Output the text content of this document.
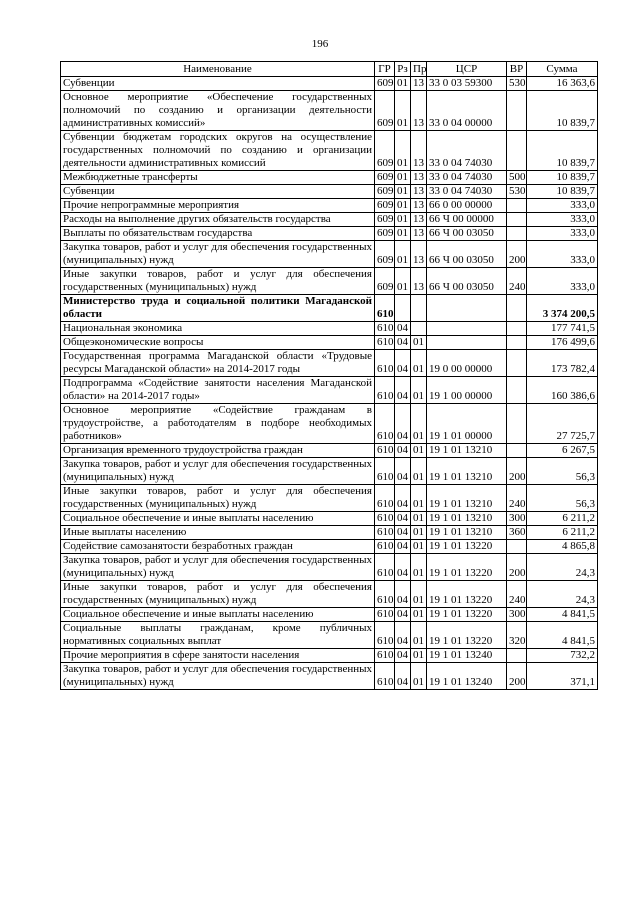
196
Наименование	ГР	Рз	Пр	ЦСР	ВР	Сумма
Субвенции	609	01	13	33 0 03 59300	530	16 363,6
Основное мероприятие «Обеспечение государственных полномочий по созданию и организации деятельности административных комиссий»	609	01	13	33 0 04 00000		10 839,7
Субвенции бюджетам городских округов на осуществление государственных полномочий по созданию и организации деятельности административных комиссий	609	01	13	33 0 04 74030		10 839,7
Межбюджетные трансферты	609	01	13	33 0 04 74030	500	10 839,7
Субвенции	609	01	13	33 0 04 74030	530	10 839,7
Прочие непрограммные мероприятия	609	01	13	66 0 00 00000		333,0
Расходы на выполнение других обязательств государства	609	01	13	66 Ч 00 00000		333,0
Выплаты по обязательствам государства	609	01	13	66 Ч 00 03050		333,0
Закупка товаров, работ и услуг для обеспечения государственных (муниципальных) нужд	609	01	13	66 Ч 00 03050	200	333,0
Иные закупки товаров, работ и услуг для обеспечения государственных (муниципальных) нужд	609	01	13	66 Ч 00 03050	240	333,0
Министерство труда и социальной политики Магаданской области	610					3 374 200,5
Национальная экономика	610	04				177 741,5
Общеэкономические вопросы	610	04	01			176 499,6
Государственная программа Магаданской области «Трудовые ресурсы Магаданской области» на 2014-2017 годы	610	04	01	19 0 00 00000		173 782,4
Подпрограмма «Содействие занятости населения Магаданской области» на 2014-2017 годы»	610	04	01	19 1 00 00000		160 386,6
Основное мероприятие «Содействие гражданам в трудоустройстве, а работодателям в подборе необходимых работников»	610	04	01	19 1 01 00000		27 725,7
Организация временного трудоустройства граждан	610	04	01	19 1 01 13210		6 267,5
Закупка товаров, работ и услуг для обеспечения государственных (муниципальных) нужд	610	04	01	19 1 01 13210	200	56,3
Иные закупки товаров, работ и услуг для обеспечения государственных (муниципальных) нужд	610	04	01	19 1 01 13210	240	56,3
Социальное обеспечение и иные выплаты населению	610	04	01	19 1 01 13210	300	6 211,2
Иные выплаты населению	610	04	01	19 1 01 13210	360	6 211,2
Содействие самозанятости безработных граждан	610	04	01	19 1 01 13220		4 865,8
Закупка товаров, работ и услуг для обеспечения государственных (муниципальных) нужд	610	04	01	19 1 01 13220	200	24,3
Иные закупки товаров, работ и услуг для обеспечения государственных (муниципальных) нужд	610	04	01	19 1 01 13220	240	24,3
Социальное обеспечение и иные выплаты населению	610	04	01	19 1 01 13220	300	4 841,5
Социальные выплаты гражданам, кроме публичных нормативных социальных выплат	610	04	01	19 1 01 13220	320	4 841,5
Прочие мероприятия в сфере занятости населения	610	04	01	19 1 01 13240		732,2
Закупка товаров, работ и услуг для обеспечения государственных (муниципальных) нужд	610	04	01	19 1 01 13240	200	371,1
